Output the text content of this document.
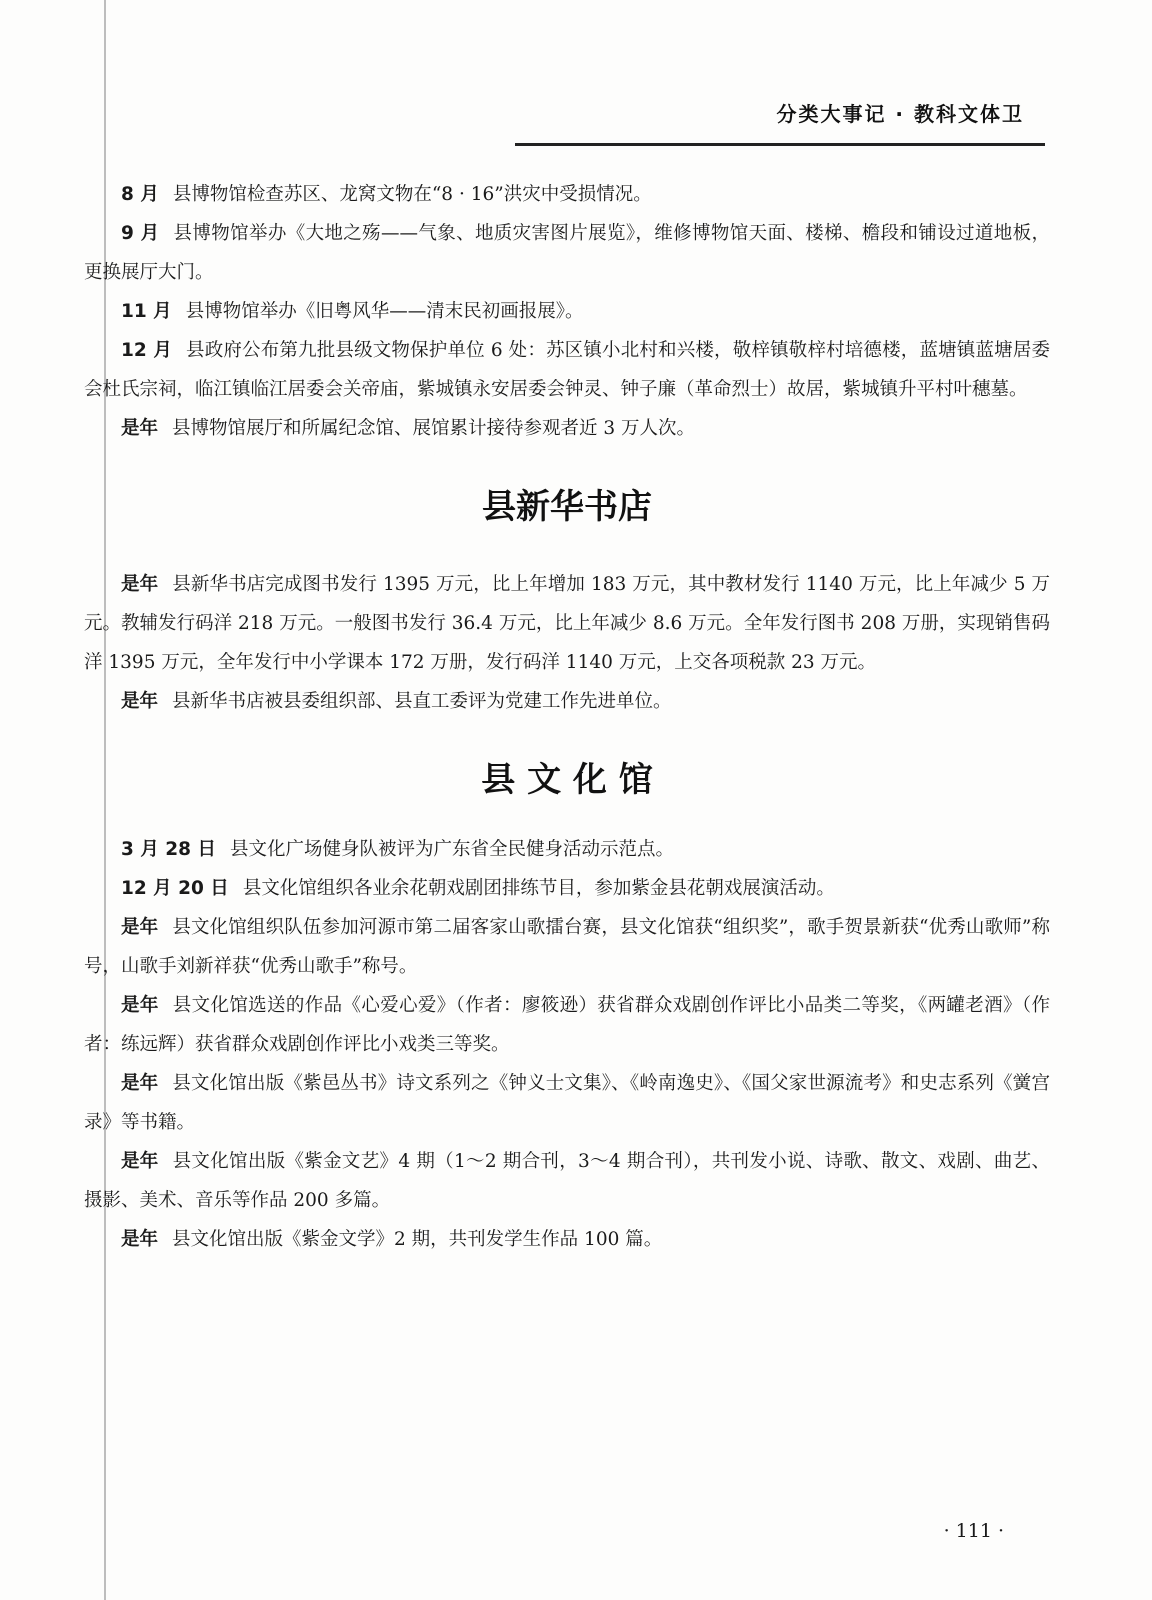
分类大事记 · 教科文体卫

8 月 县博物馆检查苏区、龙窝文物在“8 · 16”洪灾中受损情况。

9 月 县博物馆举办《大地之殇——气象、地质灾害图片展览》，维修博物馆天面、楼梯、檐段和铺设过道地板，更换展厅大门。

11 月 县博物馆举办《旧粤风华——清末民初画报展》。

12 月 县政府公布第九批县级文物保护单位 6 处：苏区镇小北村和兴楼，敬梓镇敬梓村培德楼，蓝塘镇蓝塘居委会杜氏宗祠，临江镇临江居委会关帝庙，紫城镇永安居委会钟灵、钟子廉（革命烈士）故居，紫城镇升平村叶穗墓。

是年 县博物馆展厅和所属纪念馆、展馆累计接待参观者近 3 万人次。

县新华书店

是年 县新华书店完成图书发行 1395 万元，比上年增加 183 万元，其中教材发行 1140 万元，比上年减少 5 万元。教辅发行码洋 218 万元。一般图书发行 36.4 万元，比上年减少 8.6 万元。全年发行图书 208 万册，实现销售码洋 1395 万元，全年发行中小学课本 172 万册，发行码洋 1140 万元，上交各项税款 23 万元。

是年 县新华书店被县委组织部、县直工委评为党建工作先进单位。

县 文 化 馆

3 月 28 日 县文化广场健身队被评为广东省全民健身活动示范点。

12 月 20 日 县文化馆组织各业余花朝戏剧团排练节目，参加紫金县花朝戏展演活动。

是年 县文化馆组织队伍参加河源市第二届客家山歌擂台赛，县文化馆获“组织奖”，歌手贺景新获“优秀山歌师”称号，山歌手刘新祥获“优秀山歌手”称号。

是年 县文化馆选送的作品《心爱心爱》（作者：廖筱逊）获省群众戏剧创作评比小品类二等奖，《两罐老酒》（作者：练远辉）获省群众戏剧创作评比小戏类三等奖。

是年 县文化馆出版《紫邑丛书》诗文系列之《钟义士文集》、《岭南逸史》、《国父家世源流考》和史志系列《黉宫录》等书籍。

是年 县文化馆出版《紫金文艺》4 期（1～2 期合刊，3～4 期合刊），共刊发小说、诗歌、散文、戏剧、曲艺、摄影、美术、音乐等作品 200 多篇。

是年 县文化馆出版《紫金文学》2 期，共刊发学生作品 100 篇。

· 111 ·
